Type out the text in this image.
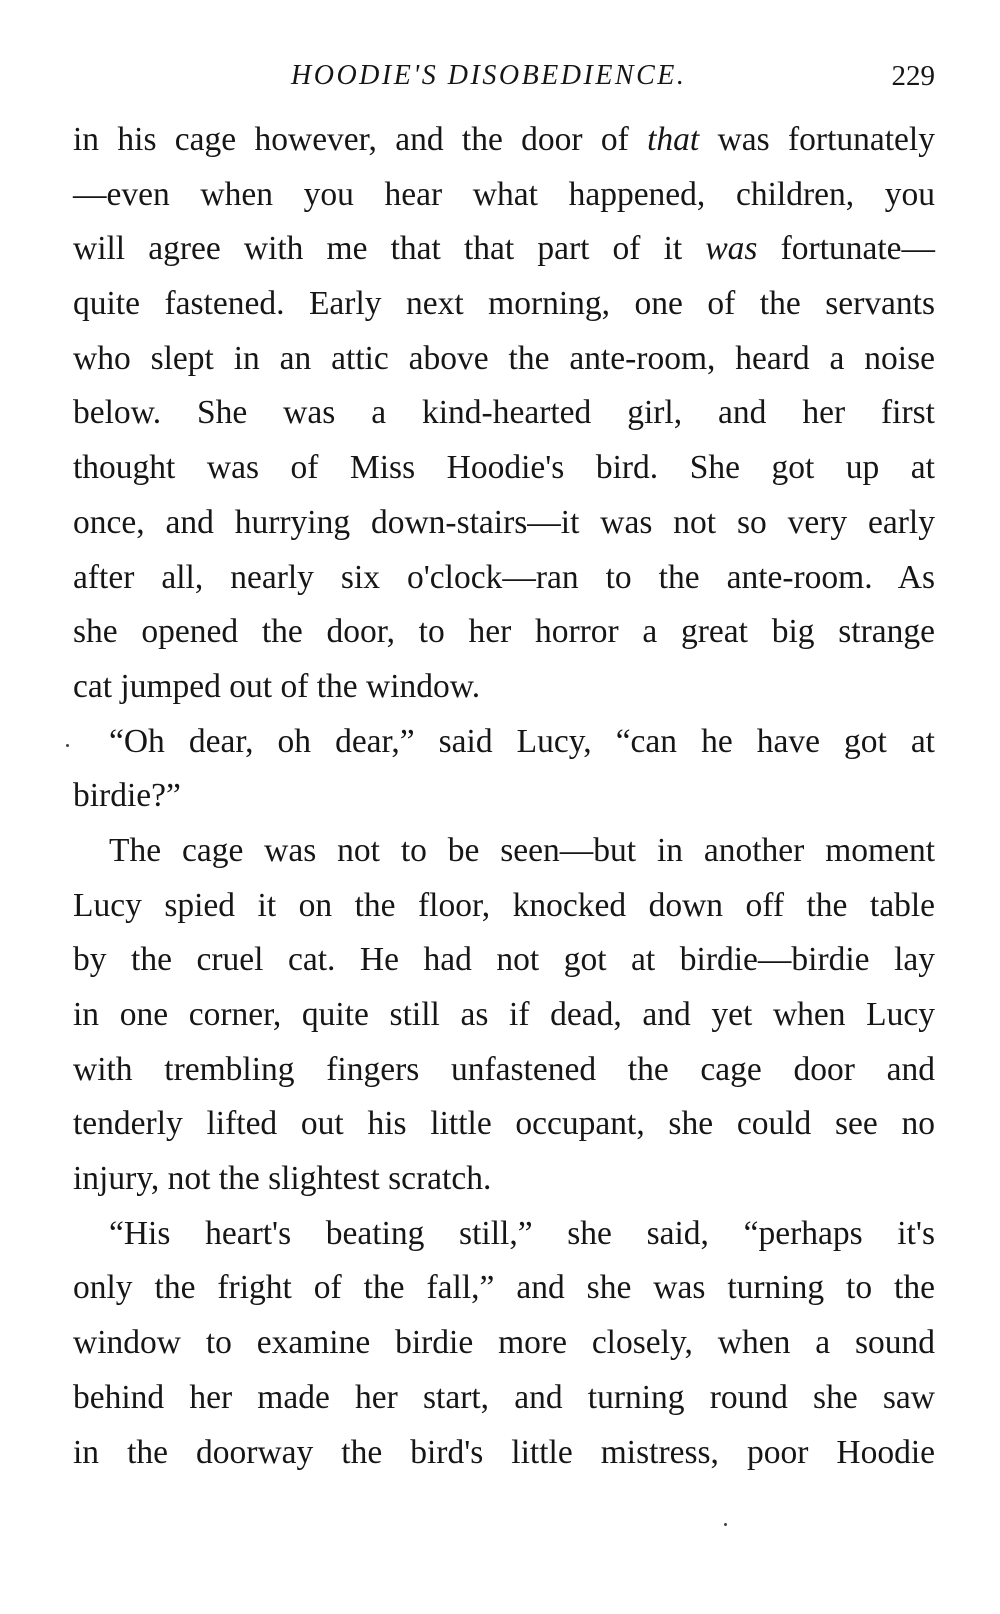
HOODIE'S DISOBEDIENCE.	229
in his cage however, and the door of that was fortunately
—even when you hear what happened, children, you
will agree with me that that part of it was fortunate—
quite fastened. Early next morning, one of the servants
who slept in an attic above the ante-room, heard a noise
below. She was a kind-hearted girl, and her first
thought was of Miss Hoodie's bird. She got up at
once, and hurrying down-stairs—it was not so very early
after all, nearly six o'clock—ran to the ante-room. As
she opened the door, to her horror a great big strange
cat jumped out of the window.
“Oh dear, oh dear,” said Lucy, “can he have got at
birdie?”
The cage was not to be seen—but in another moment
Lucy spied it on the floor, knocked down off the table
by the cruel cat. He had not got at birdie—birdie lay
in one corner, quite still as if dead, and yet when Lucy
with trembling fingers unfastened the cage door and
tenderly lifted out his little occupant, she could see no
injury, not the slightest scratch.
“His heart's beating still,” she said, “perhaps it's
only the fright of the fall,” and she was turning to the
window to examine birdie more closely, when a sound
behind her made her start, and turning round she saw
in the doorway the bird's little mistress, poor Hoodie
